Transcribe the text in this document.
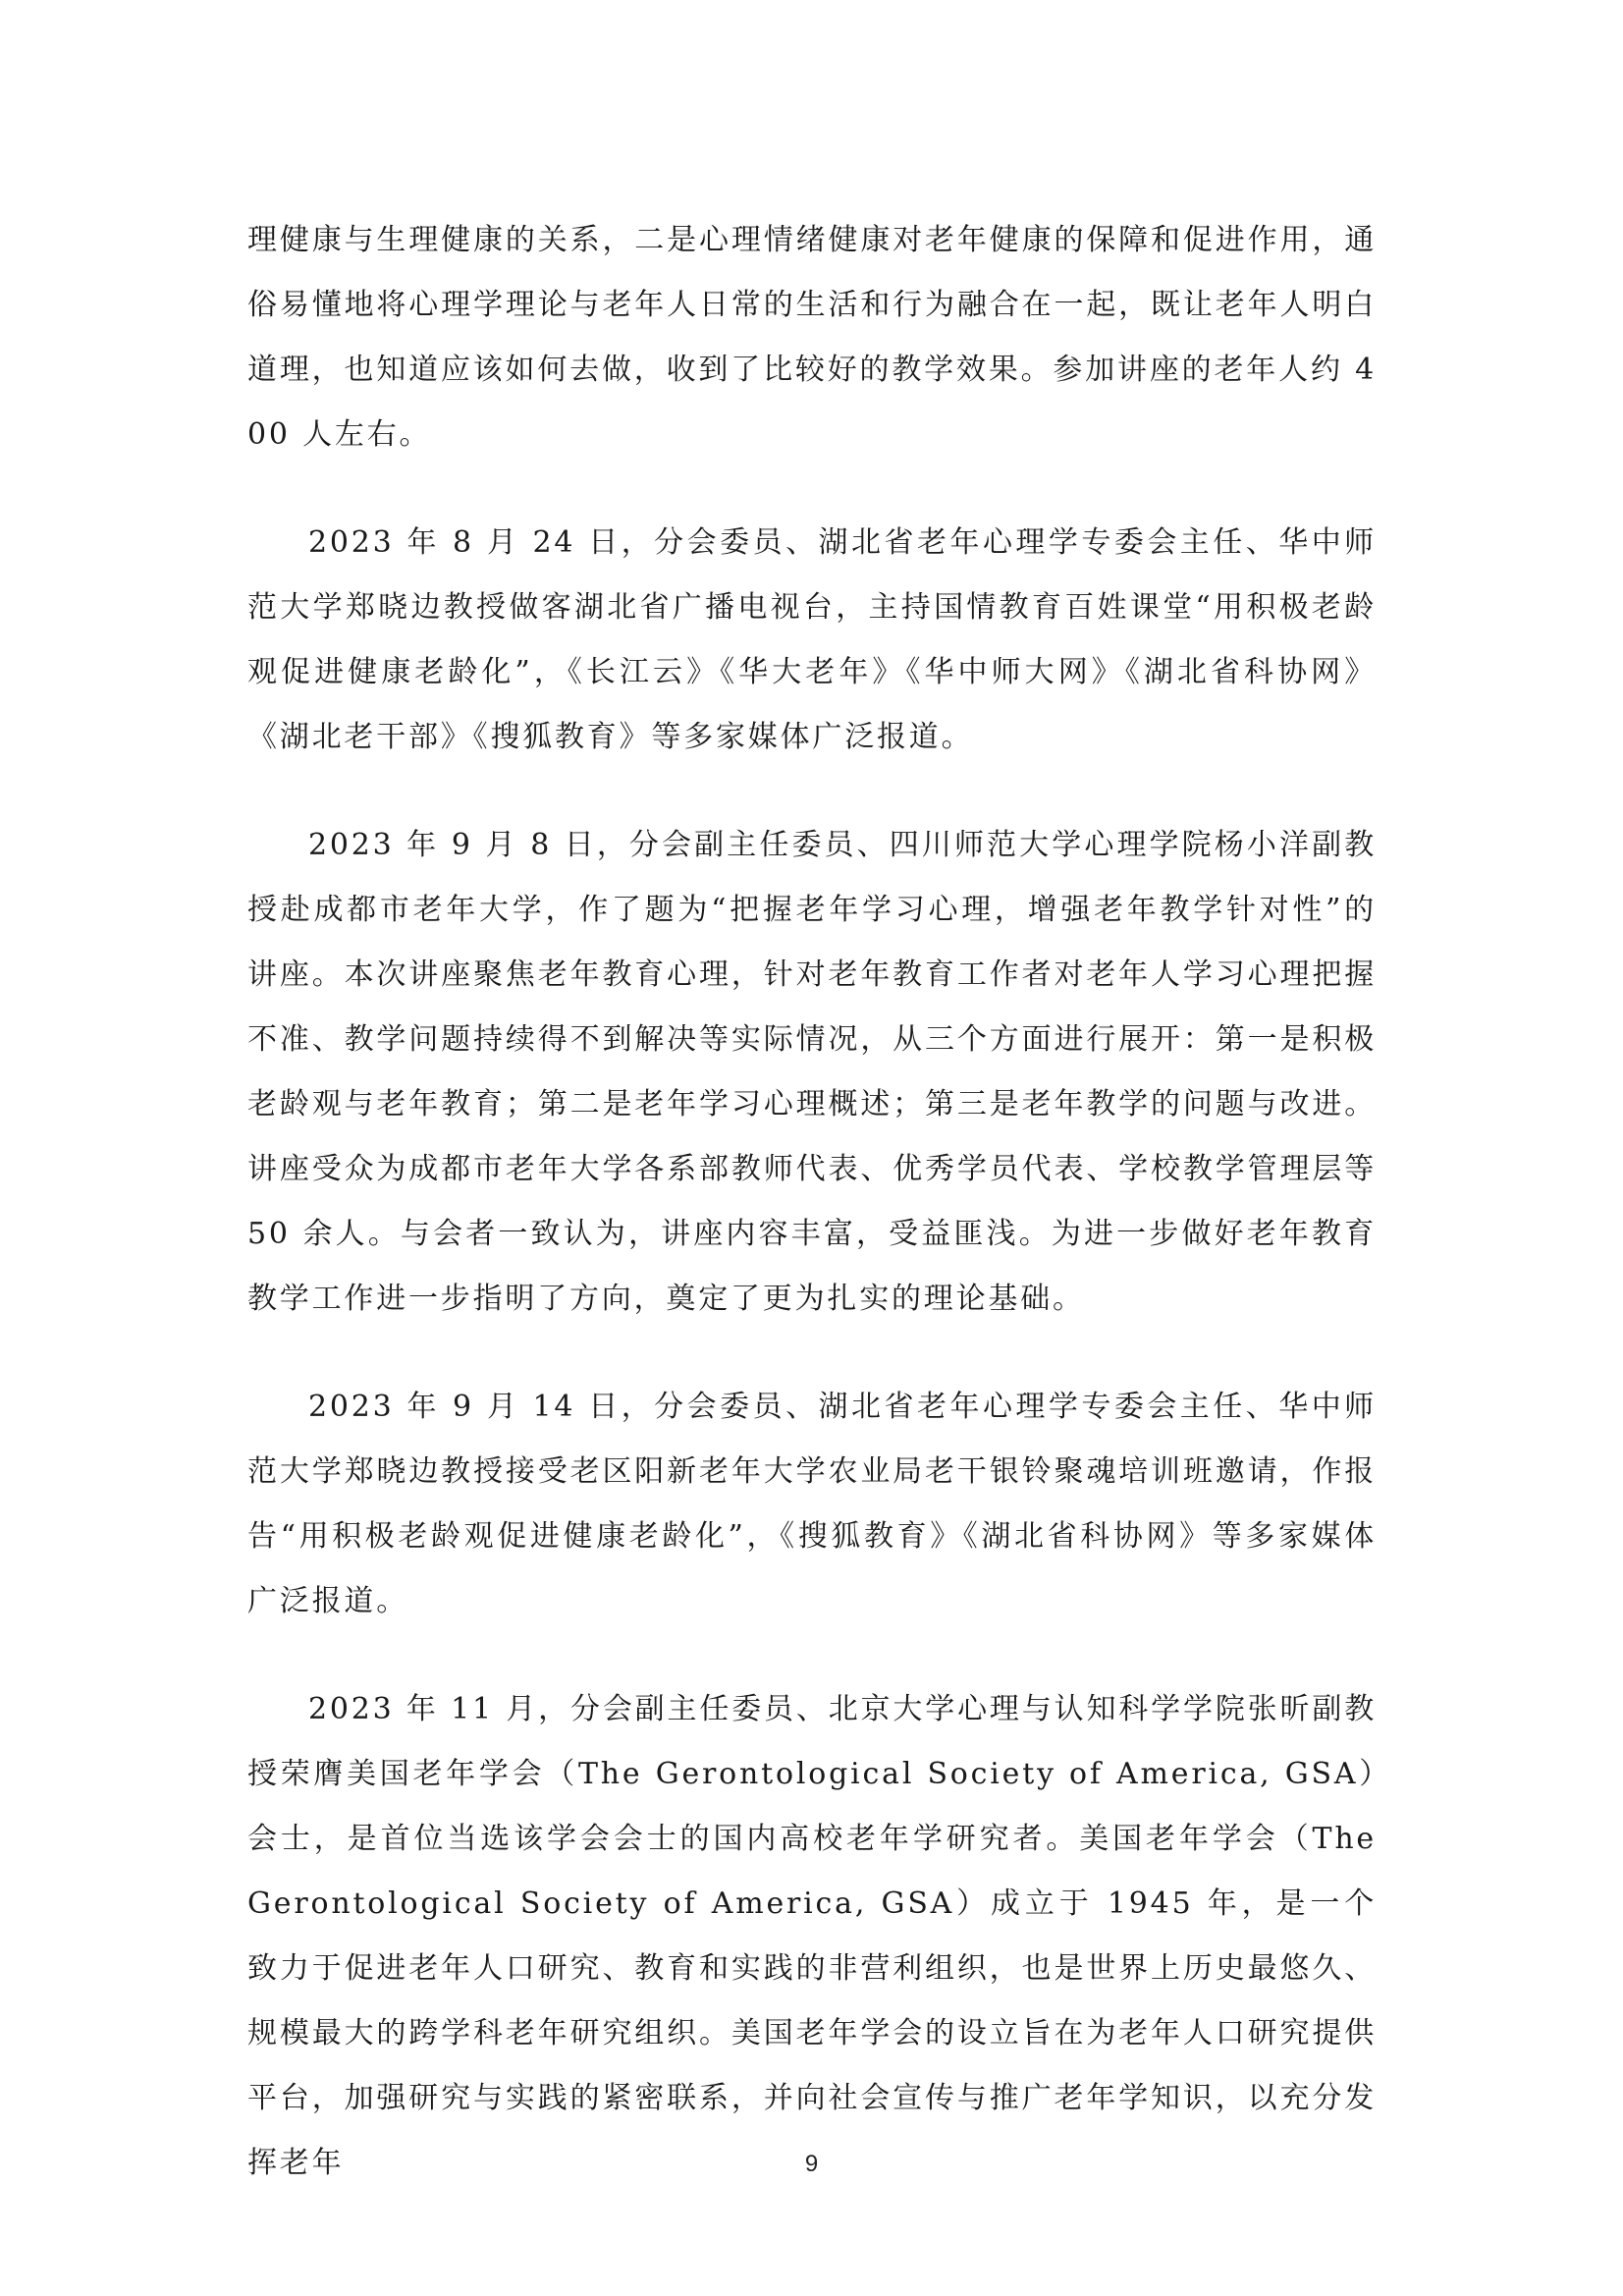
理健康与生理健康的关系，二是心理情绪健康对老年健康的保障和促进作用，通俗易懂地将心理学理论与老年人日常的生活和行为融合在一起，既让老年人明白道理，也知道应该如何去做，收到了比较好的教学效果。参加讲座的老年人约 400 人左右。

2023 年 8 月 24 日，分会委员、湖北省老年心理学专委会主任、华中师范大学郑晓边教授做客湖北省广播电视台，主持国情教育百姓课堂“用积极老龄观促进健康老龄化”，《长江云》《华大老年》《华中师大网》《湖北省科协网》《湖北老干部》《搜狐教育》等多家媒体广泛报道。

2023 年 9 月 8 日，分会副主任委员、四川师范大学心理学院杨小洋副教授赴成都市老年大学，作了题为“把握老年学习心理，增强老年教学针对性”的讲座。本次讲座聚焦老年教育心理，针对老年教育工作者对老年人学习心理把握不准、教学问题持续得不到解决等实际情况，从三个方面进行展开：第一是积极老龄观与老年教育；第二是老年学习心理概述；第三是老年教学的问题与改进。讲座受众为成都市老年大学各系部教师代表、优秀学员代表、学校教学管理层等 50 余人。与会者一致认为，讲座内容丰富，受益匪浅。为进一步做好老年教育教学工作进一步指明了方向，奠定了更为扎实的理论基础。

2023 年 9 月 14 日，分会委员、湖北省老年心理学专委会主任、华中师范大学郑晓边教授接受老区阳新老年大学农业局老干银铃聚魂培训班邀请，作报告“用积极老龄观促进健康老龄化”，《搜狐教育》《湖北省科协网》等多家媒体广泛报道。

2023 年 11 月，分会副主任委员、北京大学心理与认知科学学院张昕副教授荣膺美国老年学会（The Gerontological Society of America, GSA）会士，是首位当选该学会会士的国内高校老年学研究者。美国老年学会（The Gerontological Society of America, GSA）成立于 1945 年，是一个致力于促进老年人口研究、教育和实践的非营利组织，也是世界上历史最悠久、规模最大的跨学科老年研究组织。美国老年学会的设立旨在为老年人口研究提供平台，加强研究与实践的紧密联系，并向社会宣传与推广老年学知识，以充分发挥老年	9
